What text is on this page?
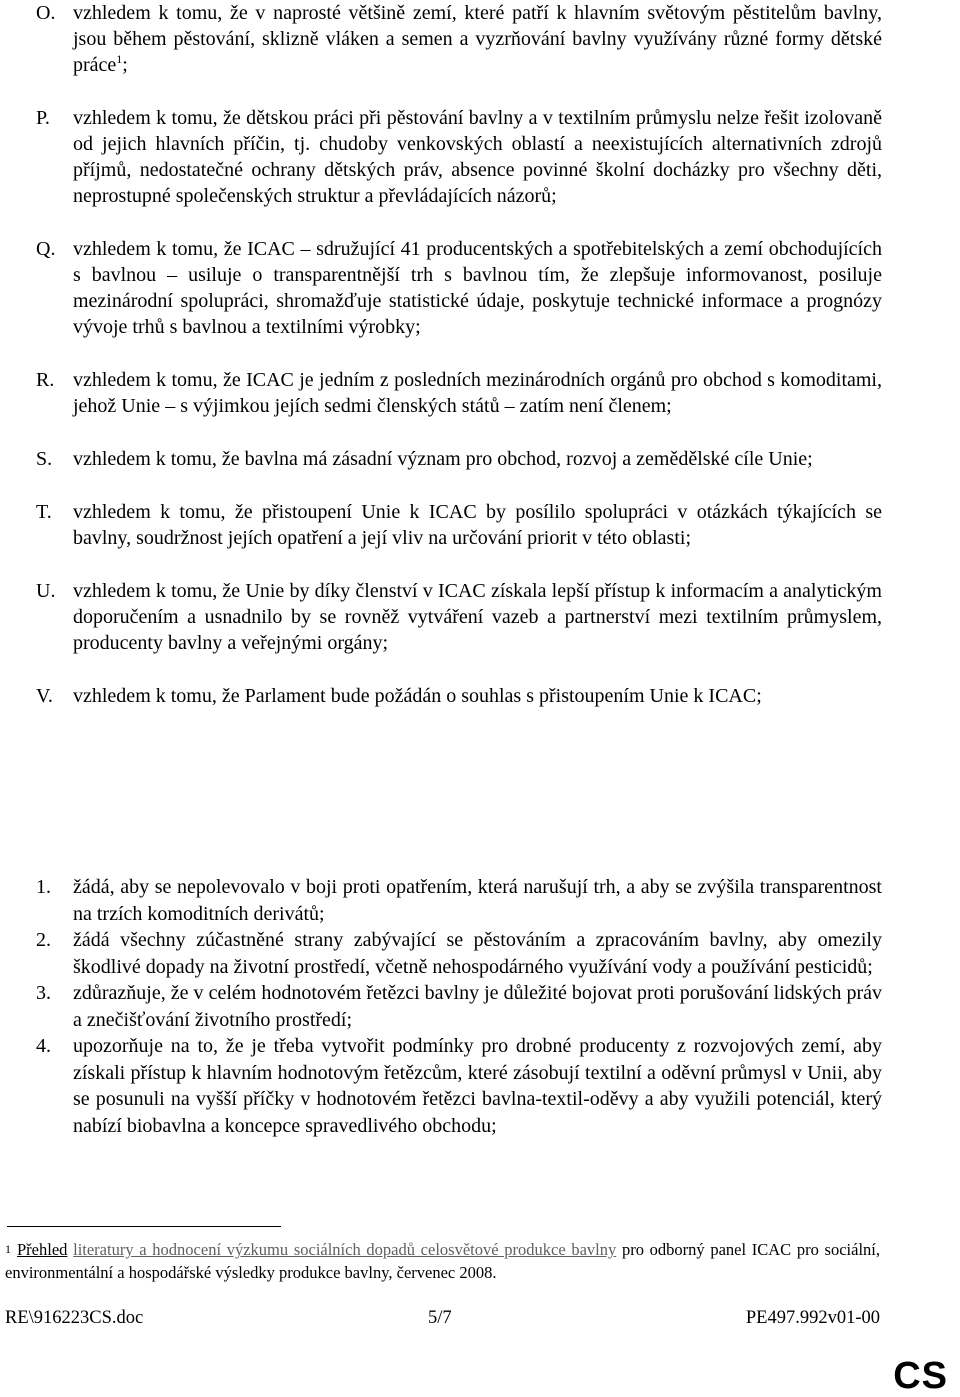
O. vzhledem k tomu, že v naprosté většině zemí, které patří k hlavním světovým pěstitelům bavlny, jsou během pěstování, sklizně vláken a semen a vyzrňování bavlny využívány různé formy dětské práce$^1$;
P. vzhledem k tomu, že dětskou práci při pěstování bavlny a v textilním průmyslu nelze řešit izolovaně od jejich hlavních příčin, tj. chudoby venkovských oblastí a neexistujících alternativních zdrojů příjmů, nedostatečné ochrany dětských práv, absence povinné školní docházky pro všechny děti, neprostupné společenských struktur a převládajících názorů;
Q. vzhledem k tomu, že ICAC – sdružující 41 producentských a spotřebitelských a zemí obchodujících s bavlnou – usiluje o transparentnější trh s bavlnou tím, že zlepšuje informovanost, posiluje mezinárodní spolupráci, shromažďuje statistické údaje, poskytuje technické informace a prognózy vývoje trhů s bavlnou a textilními výrobky;
R. vzhledem k tomu, že ICAC je jedním z posledních mezinárodních orgánů pro obchod s komoditami, jehož Unie – s výjimkou jejích sedmi členských států – zatím není členem;
S. vzhledem k tomu, že bavlna má zásadní význam pro obchod, rozvoj a zemědělské cíle Unie;
T. vzhledem k tomu, že přistoupení Unie k ICAC by posílilo spolupráci v otázkách týkajících se bavlny, soudržnost jejích opatření a její vliv na určování priorit v této oblasti;
U. vzhledem k tomu, že Unie by díky členství v ICAC získala lepší přístup k informacím a analytickým doporučením a usnadnilo by se rovněž vytváření vazeb a partnerství mezi textilním průmyslem, producenty bavlny a veřejnými orgány;
V. vzhledem k tomu, že Parlament bude požádán o souhlas s přistoupením Unie k ICAC;
1. žádá, aby se nepolevovalo v boji proti opatřením, která narušují trh, a aby se zvýšila transparentnost na trzích komoditních derivátů;
2. žádá všechny zúčastněné strany zabývající se pěstováním a zpracováním bavlny, aby omezily škodlivé dopady na životní prostředí, včetně nehospodárného využívání vody a používání pesticidů;
3. zdůrazňuje, že v celém hodnotovém řetězci bavlny je důležité bojovat proti porušování lidských práv a znečišťování životního prostředí;
4. upozorňuje na to, že je třeba vytvořit podmínky pro drobné producenty z rozvojových zemí, aby získali přístup k hlavním hodnotovým řetězcům, které zásobují textilní a oděvní průmysl v Unii, aby se posunuli na vyšší příčky v hodnotovém řetězci bavlna-textil-oděvy a aby využili potenciál, který nabízí biobavlna a koncepce spravedlivého obchodu;
1 Přehled literatury a hodnocení výzkumu sociálních dopadů celosvětové produkce bavlny pro odborný panel ICAC pro sociální, environmentální a hospodářské výsledky produkce bavlny, červenec 2008.
RE\916223CS.doc	5/7	PE497.992v01-00
CS
